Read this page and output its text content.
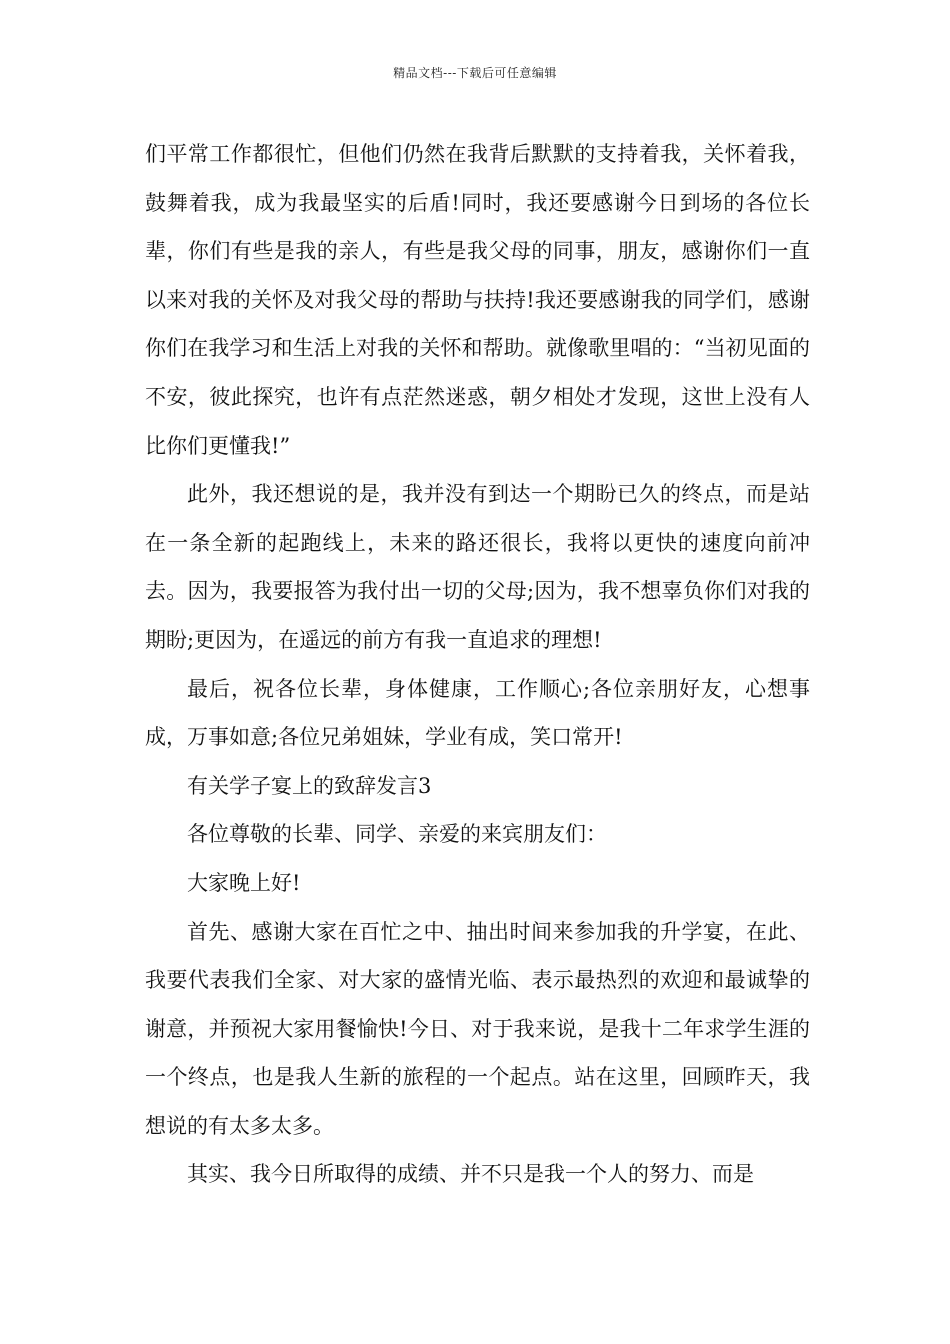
精品文档---下载后可任意编辑

们平常工作都很忙，但他们仍然在我背后默默的支持着我，关怀着我，鼓舞着我，成为我最坚实的后盾!同时，我还要感谢今日到场的各位长辈，你们有些是我的亲人，有些是我父母的同事，朋友，感谢你们一直以来对我的关怀及对我父母的帮助与扶持!我还要感谢我的同学们，感谢你们在我学习和生活上对我的关怀和帮助。就像歌里唱的：“当初见面的不安，彼此探究，也许有点茫然迷惑，朝夕相处才发现，这世上没有人比你们更懂我!”

此外，我还想说的是，我并没有到达一个期盼已久的终点，而是站在一条全新的起跑线上，未来的路还很长，我将以更快的速度向前冲去。因为，我要报答为我付出一切的父母;因为，我不想辜负你们对我的期盼;更因为，在遥远的前方有我一直追求的理想!

最后，祝各位长辈，身体健康，工作顺心;各位亲朋好友，心想事成，万事如意;各位兄弟姐妹，学业有成，笑口常开!

有关学子宴上的致辞发言3

各位尊敬的长辈、同学、亲爱的来宾朋友们：

大家晚上好!

首先、感谢大家在百忙之中、抽出时间来参加我的升学宴，在此、我要代表我们全家、对大家的盛情光临、表示最热烈的欢迎和最诚挚的谢意，并预祝大家用餐愉快!今日、对于我来说，是我十二年求学生涯的一个终点，也是我人生新的旅程的一个起点。站在这里，回顾昨天，我想说的有太多太多。

其实、我今日所取得的成绩、并不只是我一个人的努力、而是
